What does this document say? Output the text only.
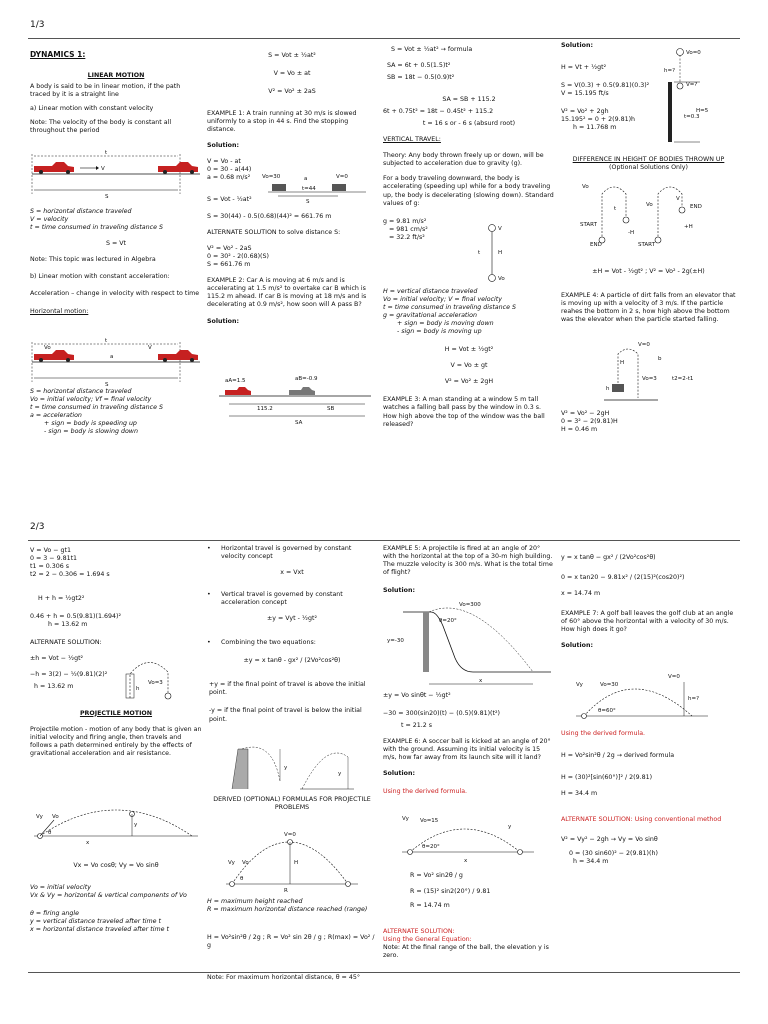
1/3

DYNAMICS 1:

LINEAR MOTION

A body is said to be in linear motion, if the path traced by it is a straight line

a) Linear motion with constant velocity

Note: The velocity of the body is constant all throughout the period

V
t
S

S = horizontal distance traveled

V = velocity

t = time consumed in traveling distance S

S = Vt

Note: This topic was lectured in Algebra

b) Linear motion with constant acceleration:

Acceleration – change in velocity with respect to time

Horizontal motion:

Vo
a
V
t
S

S = horizontal distance traveled

Vo = initial velocity; Vf = final velocity

t = time consumed in traveling distance S

a = acceleration

+ sign = body is speeding up

- sign = body is slowing down

S = Vot ± ½at²

V = Vo ± at

V² = Vo² ± 2aS

EXAMPLE 1: A train running at 30 m/s is slowed uniformly to a stop in 44 s. Find the stopping distance.

Solution:

V = Vo - at

0 = 30 - a(44)

a = 0.68 m/s²

S = Vot - ½at²

S = 30(44) - 0.5(0.68)(44)² = 661.76 m

ALTERNATE SOLUTION to solve distance S:

V² = Vo² - 2aS

0 = 30² - 2(0.68)(S)

S = 661.76 m

EXAMPLE 2: Car A is moving at 6 m/s and is accelerating at 1.5 m/s² to overtake car B which is 115.2 m ahead. If car B is moving at 18 m/s and is decelerating at 0.9 m/s², how soon will A pass B?

Solution:

Vo=30	V=0
a
t=44
S
aA=1.5	aB=-0.9
115.2	SB
SA

S = Vot ± ½at² → formula

SA = 6t + 0.5(1.5)t²

SB = 18t − 0.5(0.9)t²

SA = SB + 115.2

6t + 0.75t² = 18t − 0.45t² + 115.2

t = 16 s or - 6 s (absurd root)

VERTICAL TRAVEL:

Theory: Any body thrown freely up or down, will be subjected to acceleration due to gravity (g).

For a body traveling downward, the body is accelerating (speeding up) while for a body traveling up, the body is decelerating (slowing down). Standard values of g:

g = 9.81 m/s²

= 981 cm/s²

= 32.2 ft/s²

V
Vo
t	H

H = vertical distance traveled

Vo = initial velocity; V = final velocity

t = time consumed in traveling distance S

g = gravitational acceleration

+ sign = body is moving down

- sign = body is moving up

H = Vot ± ½gt²

V = Vo ± gt

V² = Vo² ± 2gH

EXAMPLE 3: A man standing at a window 5 m tall watches a falling ball pass by the window in 0.3 s. How high above the top of the window was the ball released?

Solution:

H = Vt + ½gt²

S = V(0.3) + 0.5(9.81)(0.3)²

V = 15.195 ft/s

V² = Vo² + 2gh

15.195² = 0 + 2(9.81)h

h = 11.768 m

Vo=0
h=?
V=?
H=5
t=0.3

DIFFERENCE IN HEIGHT OF BODIES THROWN UP

(Optional Solutions Only)

Vo
START
END
t
-H
Vo
START
END
V
+H

±H = Vot - ½gt² ; V² = Vo² - 2g(±H)

EXAMPLE 4: A particle of dirt falls from an elevator that is moving up with a velocity of 3 m/s. If the particle reahes the bottom in 2 s, how high above the bottom was the elevator when the particle started falling.

V=0
H
h
Vo=3
b
t2=2-t1

V² = Vo² − 2gH

0 = 3² − 2(9.81)H

H = 0.46 m

2/3

V = Vo − gt1

0 = 3 − 9.81t1

t1 = 0.306 s

t2 = 2 − 0.306 = 1.694 s

H + h = ½gt2²

0.46 + h = 0.5(9.81)(1.694)²

h = 13.62 m

ALTERNATE SOLUTION:

±h = Vot − ½gt²

−h = 3(2) − ½(9.81)(2)²

h = 13.62 m

PROJECTILE MOTION

Projectile motion - motion of any body that is given an initial velocity and firing angle, then travels and follows a path determined entirely by the effects of gravitational acceleration and air resistance.

h
Vo=3
Vy Vo
θ
y
x

Vx = Vo cosθ; Vy = Vo sinθ

Vo = initial velocity

Vx & Vy = horizontal & vertical components of Vo

θ = firing angle

y = vertical distance traveled after time t

x = horizontal distance traveled after time t

• Horizontal travel is governed by constant velocity concept

x = Vxt

• Vertical travel is governed by constant acceleration concept

±y = Vyt - ½gt²

• Combining the two equations:

±y = x tanθ - gx² / (2Vo²cos²θ)

+y = if the final point of travel is above the initial point.

-y = if the final point of travel is below the initial point.

y
y

DERIVED (OPTIONAL) FORMULAS FOR PROJECTILE PROBLEMS

V=0
H
Vy Vo
θ
R

H = maximum height reached

R = maximum horizontal distance reached (range)

H = Vo²sin²θ / 2g ; R = Vo² sin 2θ / g ; R(max) = Vo² / g

Note: For maximum horizontal distance, θ = 45°

EXAMPLE 5: A projectile is fired at an angle of 20° with the horizontal at the top of a 30-m high building. The muzzle velocity is 300 m/s. What is the total time of flight?

Solution:

Vo=300
θ=20°
y=-30
x

±y = Vo sinθt − ½gt²

−30 = 300(sin20)(t) − (0.5)(9.81)(t²)

t = 21.2 s

EXAMPLE 6: A soccer ball is kicked at an angle of 20° with the ground. Assuming its initial velocity is 15 m/s, how far away from its launch site will it land?

Solution:

Using the derived formula.

Vy Vo=15
θ=20°
y
x

R = Vo² sin2θ / g

R = (15)² sin2(20°) / 9.81

R = 14.74 m

ALTERNATE SOLUTION:

Using the General Equation:

Note: At the final range of the ball, the elevation y is zero.

y = x tanθ − gx² / (2Vo²cos²θ)

0 = x tan20 − 9.81x² / (2(15)²(cos20)²)

x = 14.74 m

EXAMPLE 7: A golf ball leaves the golf club at an angle of 60° above the horizontal with a velocity of 30 m/s. How high does it go?

Solution:

V=0
Vy	Vo=30
θ=60°
h=?

Using the derived formula.

H = Vo²sin²θ / 2g → derived formula

H = (30)²[sin(60°)]² / 2(9.81)

H = 34.4 m

ALTERNATE SOLUTION: Using conventional method

V² = Vy² − 2gh → Vy = Vo sinθ

0 = (30 sin60)² − 2(9.81)(h)

h = 34.4 m
